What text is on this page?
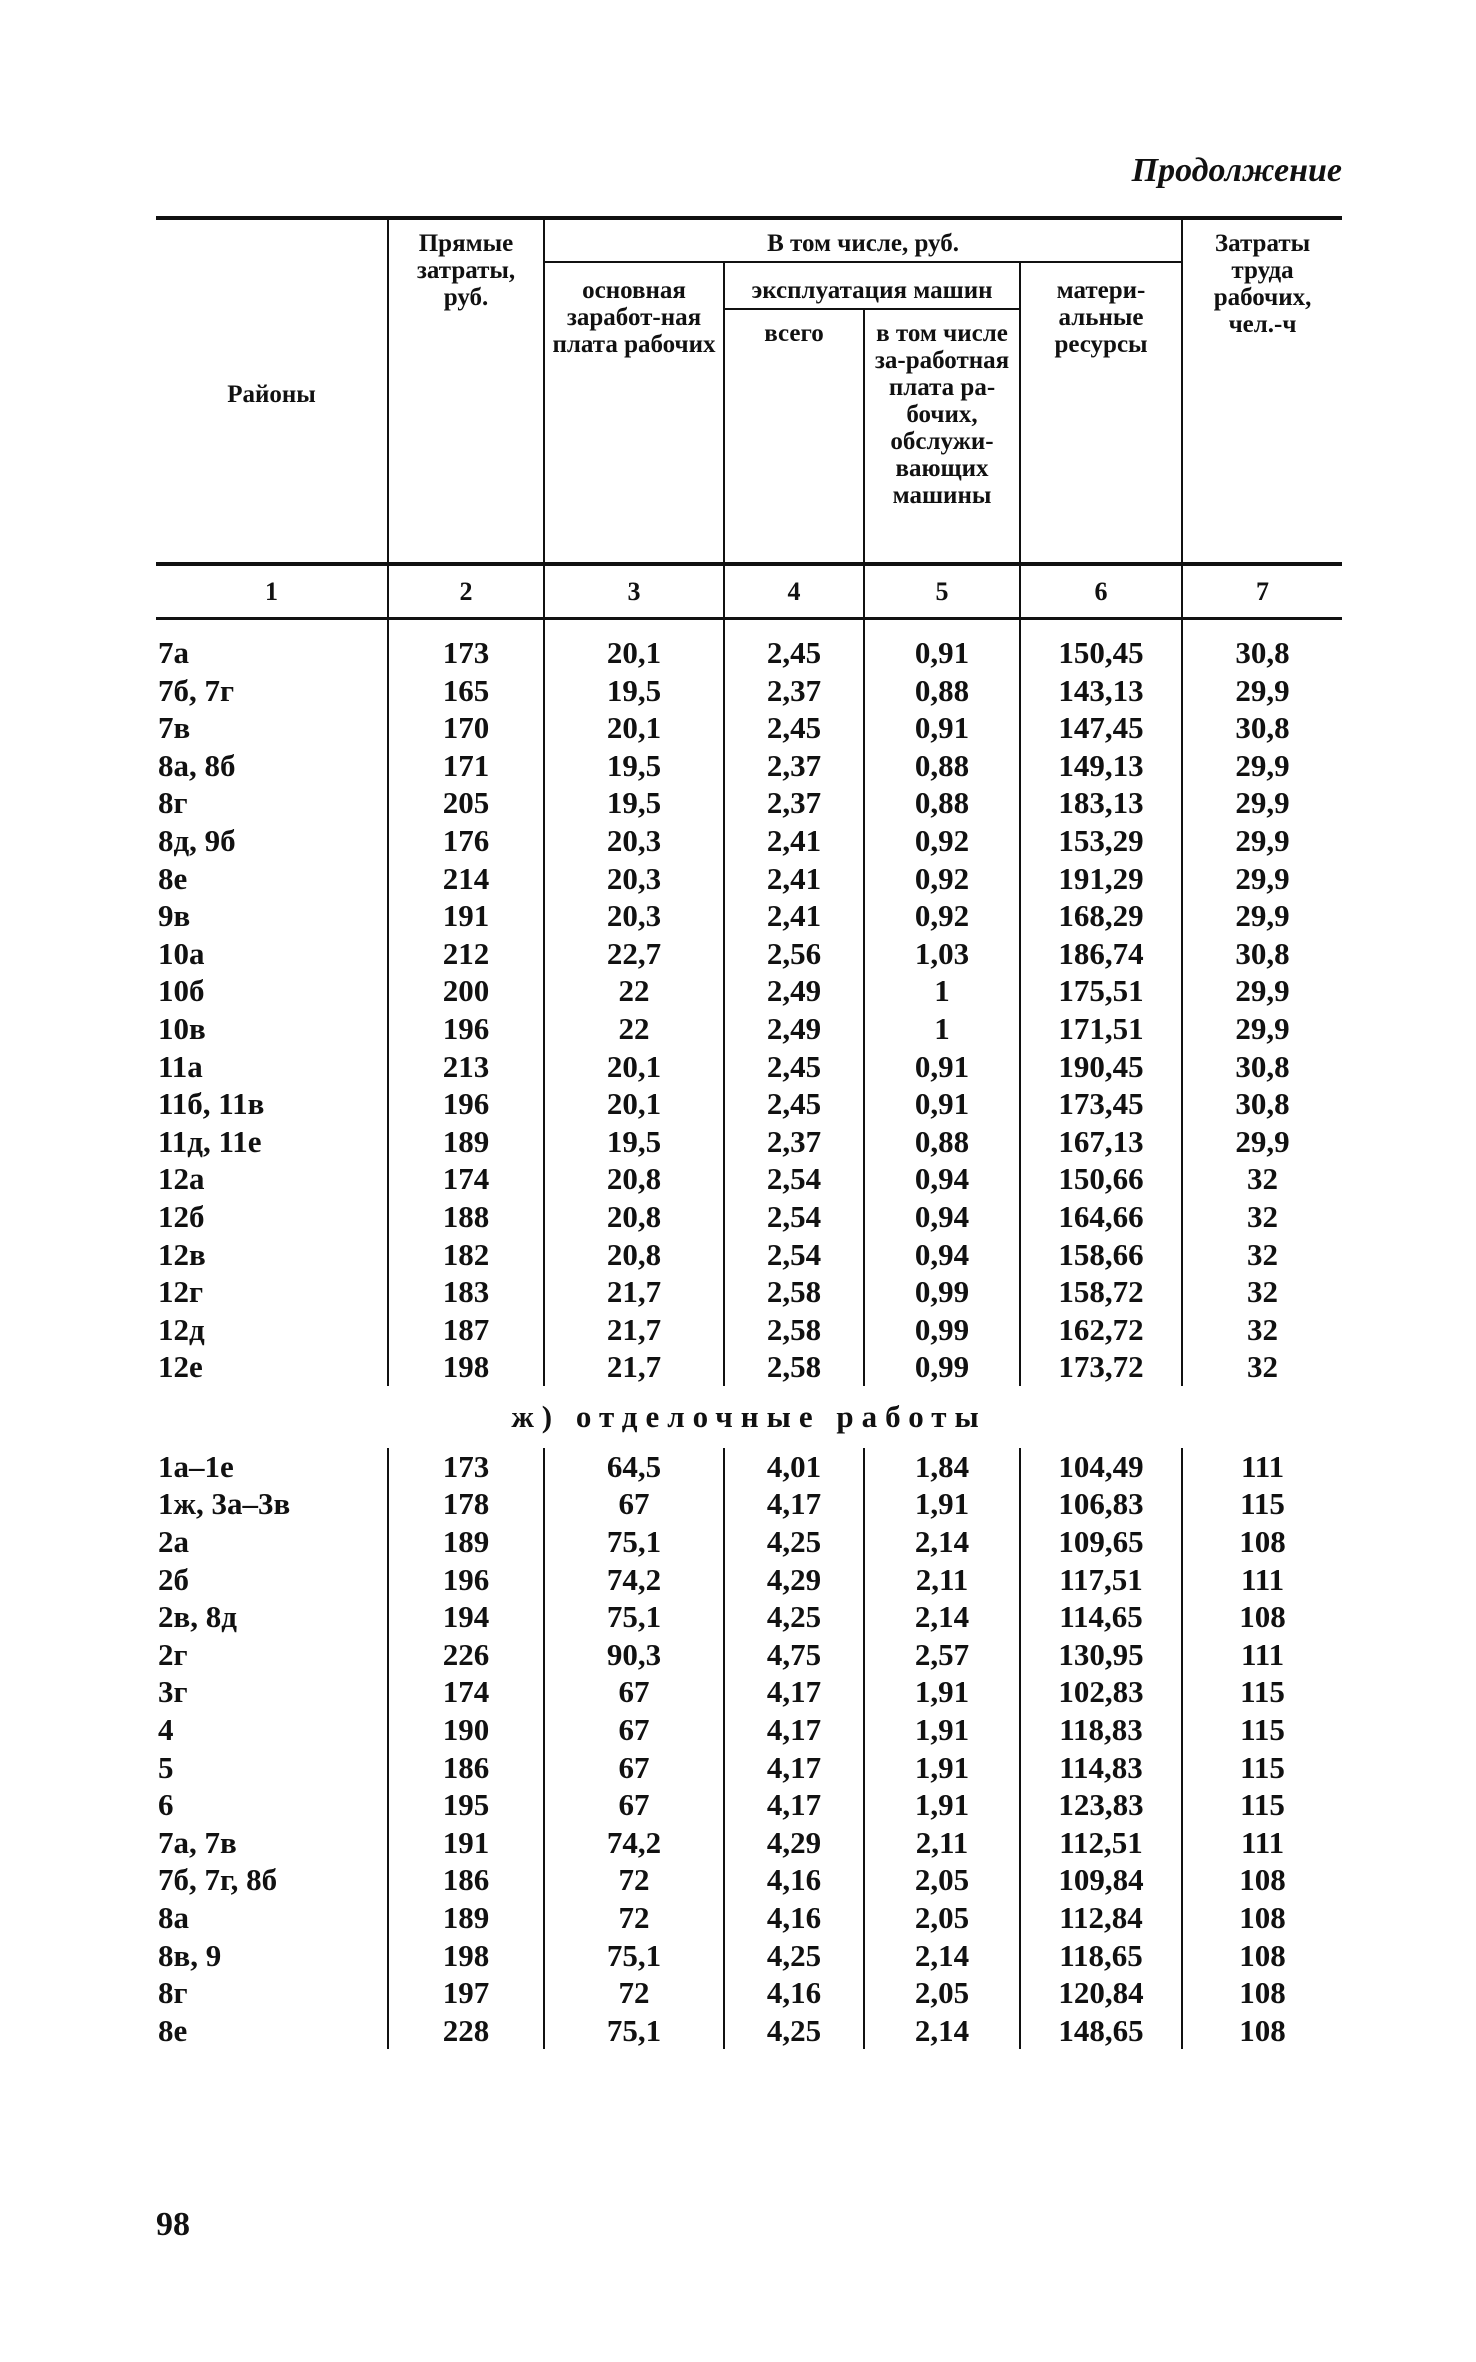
Продолжение
Районы	Прямые затраты, руб.	В том числе, руб.				Затраты труда рабочих, чел.-ч
		основная заработ-ная плата рабочих	эксплуатация машин		матери-альные ресурсы	
			всего	в том числе за-работная плата ра-бочих, обслужи-вающих машины		
1	2	3	4	5	6	7

7а	173	20,1	2,45	0,91	150,45	30,8
7б, 7г	165	19,5	2,37	0,88	143,13	29,9
7в	170	20,1	2,45	0,91	147,45	30,8
8а, 8б	171	19,5	2,37	0,88	149,13	29,9
8г	205	19,5	2,37	0,88	183,13	29,9
8д, 9б	176	20,3	2,41	0,92	153,29	29,9
8е	214	20,3	2,41	0,92	191,29	29,9
9в	191	20,3	2,41	0,92	168,29	29,9
10а	212	22,7	2,56	1,03	186,74	30,8
10б	200	22	2,49	1	175,51	29,9
10в	196	22	2,49	1	171,51	29,9
11а	213	20,1	2,45	0,91	190,45	30,8
11б, 11в	196	20,1	2,45	0,91	173,45	30,8
11д, 11е	189	19,5	2,37	0,88	167,13	29,9
12а	174	20,8	2,54	0,94	150,66	32
12б	188	20,8	2,54	0,94	164,66	32
12в	182	20,8	2,54	0,94	158,66	32
12г	183	21,7	2,58	0,99	158,72	32
12д	187	21,7	2,58	0,99	162,72	32
12е	198	21,7	2,58	0,99	173,72	32
ж) отделочные работы						
1а–1е	173	64,5	4,01	1,84	104,49	111
1ж, 3а–3в	178	67	4,17	1,91	106,83	115
2а	189	75,1	4,25	2,14	109,65	108
2б	196	74,2	4,29	2,11	117,51	111
2в, 8д	194	75,1	4,25	2,14	114,65	108
2г	226	90,3	4,75	2,57	130,95	111
3г	174	67	4,17	1,91	102,83	115
4	190	67	4,17	1,91	118,83	115
5	186	67	4,17	1,91	114,83	115
6	195	67	4,17	1,91	123,83	115
7а, 7в	191	74,2	4,29	2,11	112,51	111
7б, 7г, 8б	186	72	4,16	2,05	109,84	108
8а	189	72	4,16	2,05	112,84	108
8в, 9	198	75,1	4,25	2,14	118,65	108
8г	197	72	4,16	2,05	120,84	108
8е	228	75,1	4,25	2,14	148,65	108
98
